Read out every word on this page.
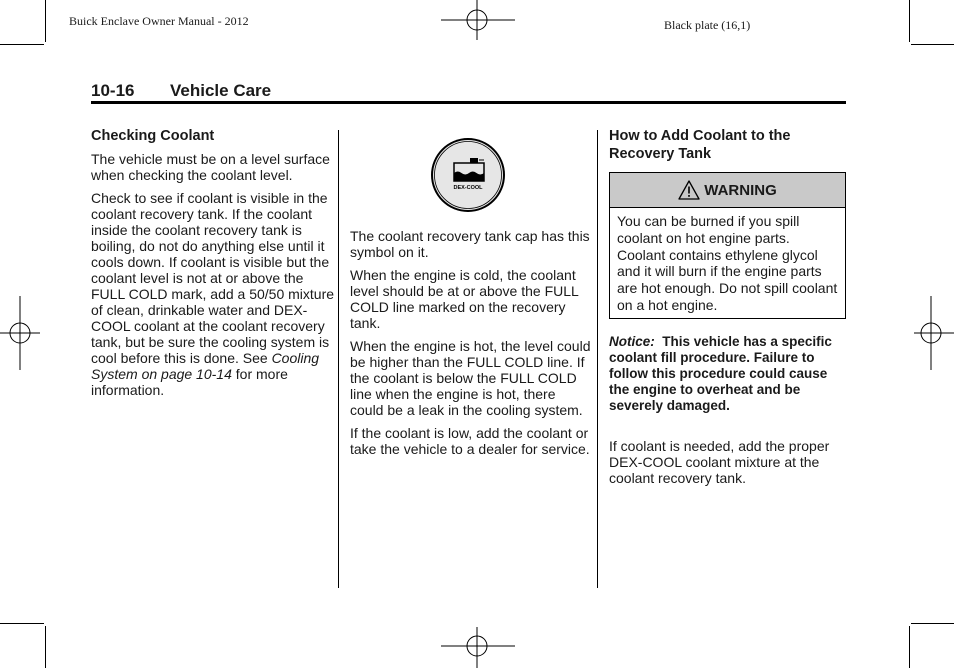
Buick Enclave Owner Manual - 2012	Black plate (16,1)
10-16 Vehicle Care
Checking Coolant

The vehicle must be on a level surface when checking the coolant level.

Check to see if coolant is visible in the coolant recovery tank. If the coolant inside the coolant recovery tank is boiling, do not do anything else until it cools down. If coolant is visible but the coolant level is not at or above the FULL COLD mark, add a 50/50 mixture of clean, drinkable water and DEX-COOL coolant at the coolant recovery tank, but be sure the cooling system is cool before this is done. See Cooling System on page 10-14 for more information.

DEX-COOL

The coolant recovery tank cap has this symbol on it.

When the engine is cold, the coolant level should be at or above the FULL COLD line marked on the recovery tank.

When the engine is hot, the level could be higher than the FULL COLD line. If the coolant is below the FULL COLD line when the engine is hot, there could be a leak in the cooling system.

If the coolant is low, add the coolant or take the vehicle to a dealer for service.

How to Add Coolant to the Recovery Tank
WARNING
You can be burned if you spill coolant on hot engine parts. Coolant contains ethylene glycol and it will burn if the engine parts are hot enough. Do not spill coolant on a hot engine.
Notice: This vehicle has a specific coolant fill procedure. Failure to follow this procedure could cause the engine to overheat and be severely damaged.
If coolant is needed, add the proper DEX-COOL coolant mixture at the coolant recovery tank.
